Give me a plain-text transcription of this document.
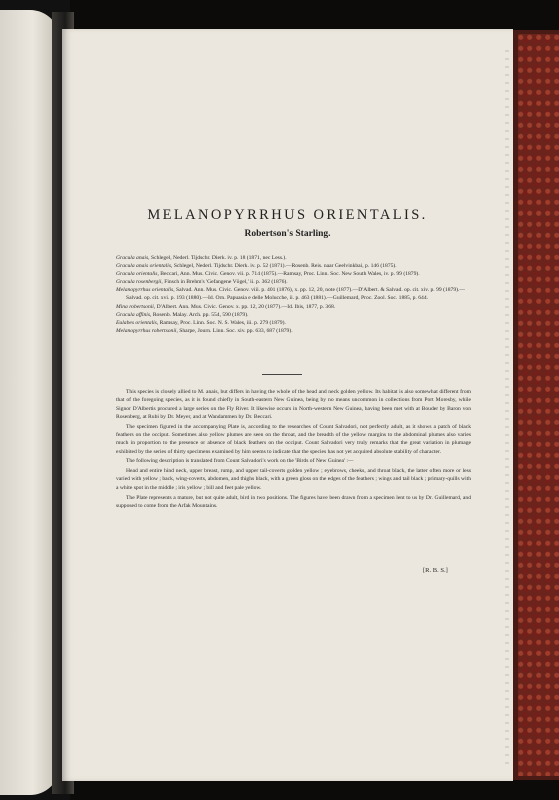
MELANOPYRRHUS ORIENTALIS.
Robertson's Starling.
Gracula anais, Schlegel, Nederl. Tijdschr. Dierk. iv. p. 18 (1871, nec Less.).
Gracula anais orientalis, Schlegel, Nederl. Tijdschr. Dierk. iv. p. 52 (1871).—Rosenb. Reis. naar Geelvinkbai, p. 146 (1875).
Gracula orientalis, Beccari, Ann. Mus. Civic. Genov. vii. p. 714 (1875).—Ramsay, Proc. Linn. Soc. New South Wales, iv. p. 99 (1879).
Gracula rosenbergii, Finsch in Brehm's 'Gefangene Vögel,' ii. p. 362 (1876).
Melanopyrrhus orientalis, Salvad. Ann. Mus. Civic. Genov. viii. p. 401 (1876), x. pp. 12, 20, note (1877).—D'Albert. & Salvad. op. cit. xiv. p. 99 (1879).—Salvad. op. cit. xvi. p. 193 (1880).—Id. Orn. Papuasia e delle Molucche, ii. p. 463 (1881).—Guillemard, Proc. Zool. Soc. 1885, p. 644.
Mina robertsonii, D'Albert. Ann. Mus. Civic. Genov. x. pp. 12, 20 (1877).—Id. Ibis, 1877, p. 368.
Gracula affinis, Rosenb. Malay. Arch. pp. 554, 590 (1879).
Eulabes orientalis, Ramsay, Proc. Linn. Soc. N. S. Wales, iii. p. 279 (1879).
Melanopyrrhus robertsonii, Sharpe, Journ. Linn. Soc. xiv. pp. 633, 687 (1879).

This species is closely allied to M. anais, but differs in having the whole of the head and neck golden yellow. Its habitat is also somewhat different from that of the foregoing species, as it is found chiefly in South-eastern New Guinea, being by no means uncommon in collections from Port Moresby, while Signor D'Albertis procured a large series on the Fly River. It likewise occurs in North-western New Guinea, having been met with at Bouder by Baron von Rosenberg, at Rubi by Dr. Meyer, and at Wandammen by Dr. Beccari.

The specimen figured in the accompanying Plate is, according to the researches of Count Salvadori, not perfectly adult, as it shows a patch of black feathers on the occiput. Sometimes also yellow plumes are seen on the throat, and the breadth of the yellow margins to the abdominal plumes also varies much in proportion to the presence or absence of black feathers on the occiput. Count Salvadori very truly remarks that the great variation in plumage exhibited by the series of thirty specimens examined by him seems to indicate that the species has not yet acquired absolute stability of character.

The following description is translated from Count Salvadori's work on the 'Birds of New Guinea' :—

Head and entire hind neck, upper breast, rump, and upper tail-coverts golden yellow ; eyebrows, cheeks, and throat black, the latter often more or less varied with yellow ; back, wing-coverts, abdomen, and thighs black, with a green gloss on the edges of the feathers ; wings and tail black ; primary-quills with a white spot in the middle ; iris yellow ; bill and feet pale yellow.

The Plate represents a mature, but not quite adult, bird in two positions. The figures have been drawn from a specimen lent to us by Dr. Guillemard, and supposed to come from the Arfak Mountains.

[R. B. S.]
